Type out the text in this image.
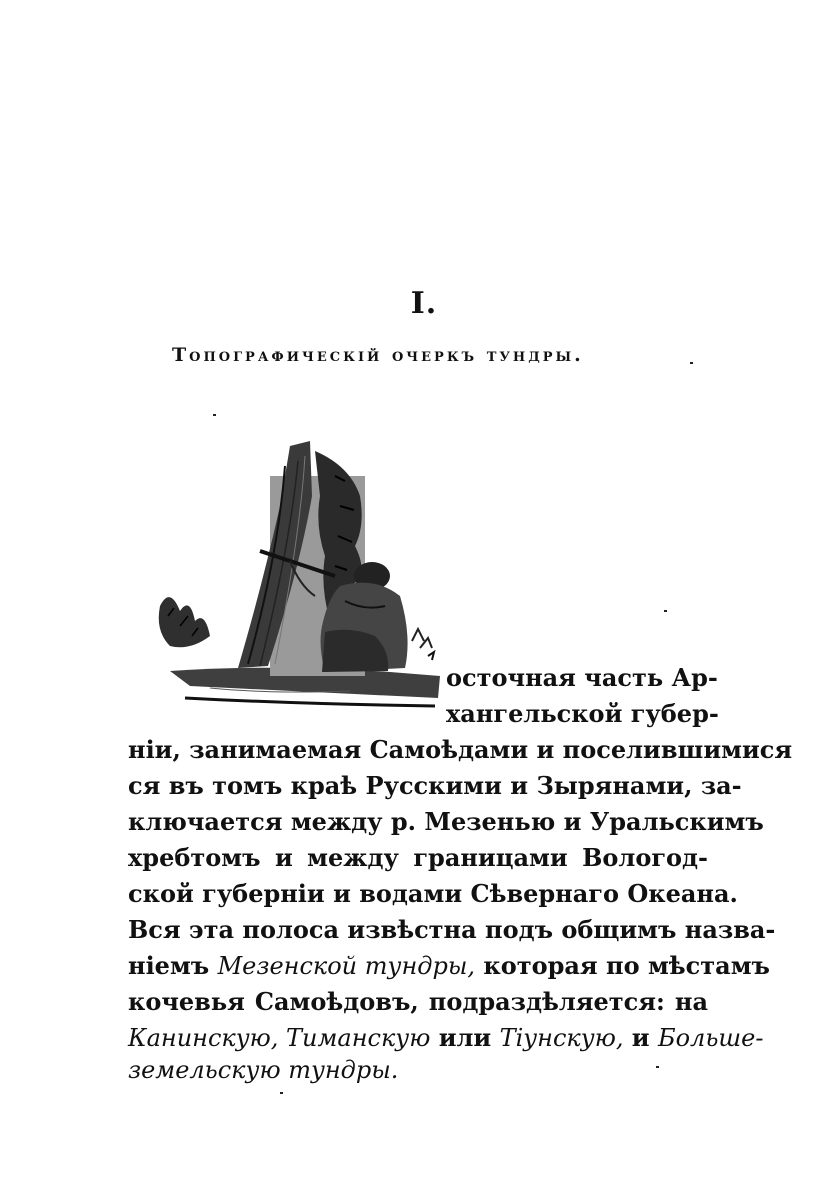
I.
Топографическій очеркъ тундры.
осточная часть Ар-
хангельской губер-
ніи, занимаемая Самоѣдами и поселившимися
ся въ томъ краѣ Русскими и Зырянами, за-
ключается между р. Мезенью и Уральскимъ
хребтомъ и между границами Вологод-
ской губерніи и водами Сѣвернаго Океана.
Вся эта полоса извѣстна подъ общимъ назва-
ніемъ Мезенской тундры, которая по мѣстамъ
кочевья Самоѣдовъ, подраздѣляется: на
Канинскую, Тиманскую или Тіунскую, и Больше-
земельскую тундры.
